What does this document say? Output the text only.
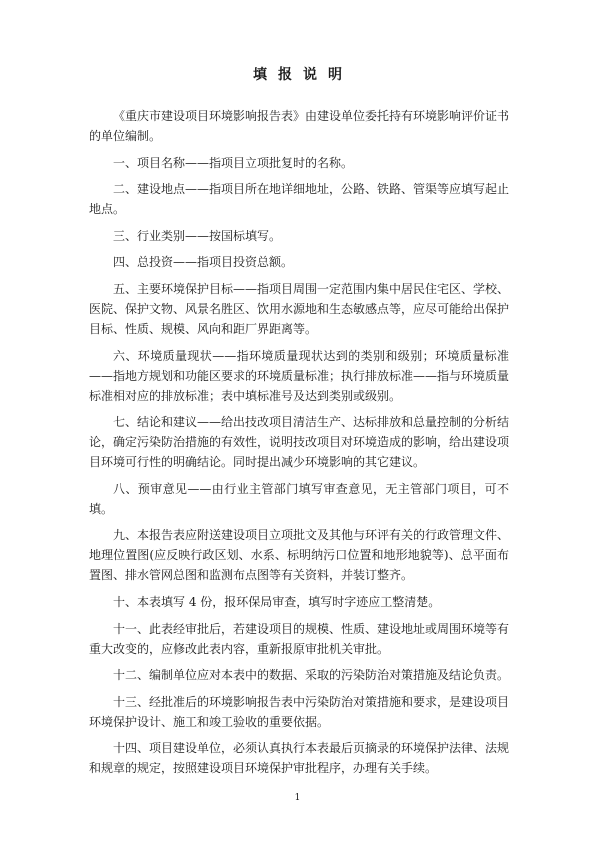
填报说明

《重庆市建设项目环境影响报告表》由建设单位委托持有环境影响评价证书的单位编制。

一、项目名称——指项目立项批复时的名称。

二、建设地点——指项目所在地详细地址，公路、铁路、管渠等应填写起止地点。

三、行业类别——按国标填写。

四、总投资——指项目投资总额。

五、主要环境保护目标——指项目周围一定范围内集中居民住宅区、学校、医院、保护文物、风景名胜区、饮用水源地和生态敏感点等，应尽可能给出保护目标、性质、规模、风向和距厂界距离等。

六、环境质量现状——指环境质量现状达到的类别和级别；环境质量标准——指地方规划和功能区要求的环境质量标准；执行排放标准——指与环境质量标准相对应的排放标准；表中填标准号及达到类别或级别。

七、结论和建议——给出技改项目清洁生产、达标排放和总量控制的分析结论，确定污染防治措施的有效性，说明技改项目对环境造成的影响，给出建设项目环境可行性的明确结论。同时提出减少环境影响的其它建议。

八、预审意见——由行业主管部门填写审查意见，无主管部门项目，可不填。

九、本报告表应附送建设项目立项批文及其他与环评有关的行政管理文件、地理位置图(应反映行政区划、水系、标明纳污口位置和地形地貌等)、总平面布置图、排水管网总图和监测布点图等有关资料，并装订整齐。

十、本表填写 4 份，报环保局审查，填写时字迹应工整清楚。

十一、此表经审批后，若建设项目的规模、性质、建设地址或周围环境等有重大改变的，应修改此表内容，重新报原审批机关审批。

十二、编制单位应对本表中的数据、采取的污染防治对策措施及结论负责。

十三、经批准后的环境影响报告表中污染防治对策措施和要求，是建设项目环境保护设计、施工和竣工验收的重要依据。

十四、项目建设单位，必须认真执行本表最后页摘录的环境保护法律、法规和规章的规定，按照建设项目环境保护审批程序，办理有关手续。

1
